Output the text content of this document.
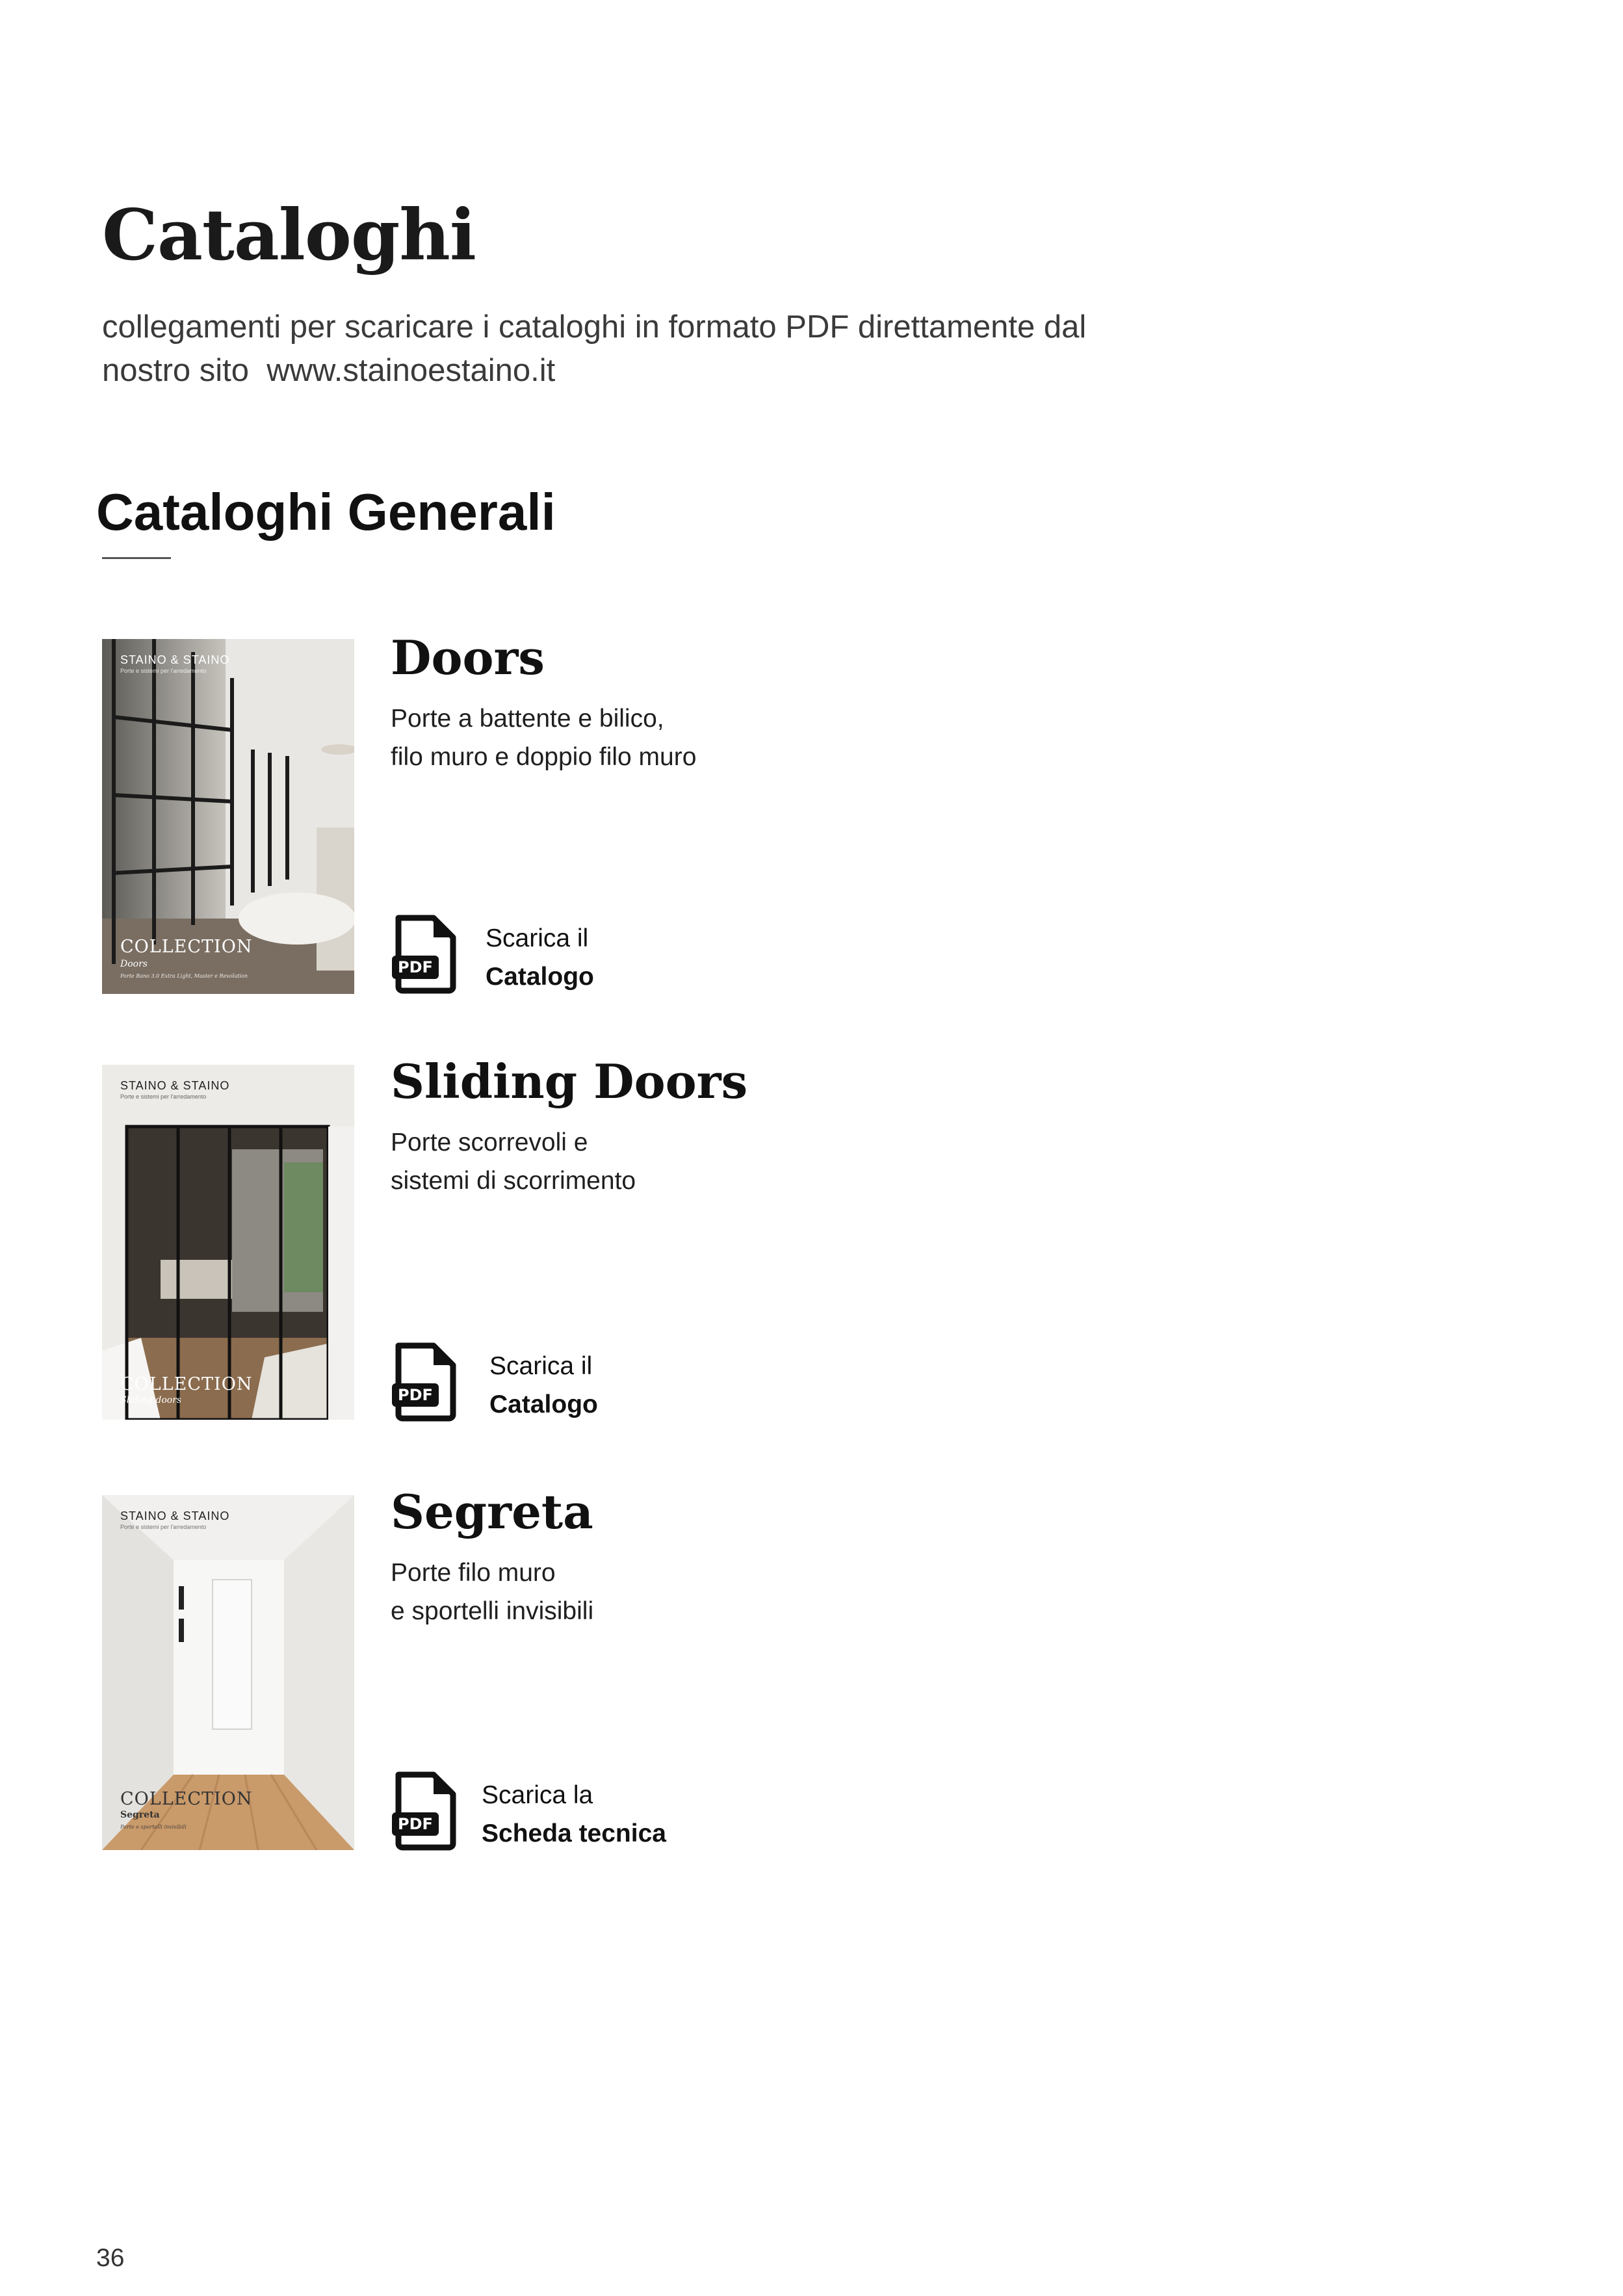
Cataloghi

collegamenti per scaricare i cataloghi in formato PDF direttamente dal
nostro sito  www.stainoestaino.it

Cataloghi Generali
STAINO & STAINO
Porte e sistemi per l'arredamento
COLLECTION
Doors
Porte Bano 3.0 Extra Light, Master e Revolution
Doors

Porte a battente e bilico,
filo muro e doppio filo muro

PDF
Scarica il
Catalogo
STAINO & STAINO
Porte e sistemi per l'arredamento
COLLECTION
Sliding doors
Sliding Doors

Porte scorrevoli e
sistemi di scorrimento

PDF
Scarica il
Catalogo
STAINO & STAINO
Porte e sistemi per l'arredamento
COLLECTION
Segreta
Porte e sportelli invisibili
Segreta

Porte filo muro
e sportelli invisibili

PDF
Scarica la
Scheda tecnica
36
